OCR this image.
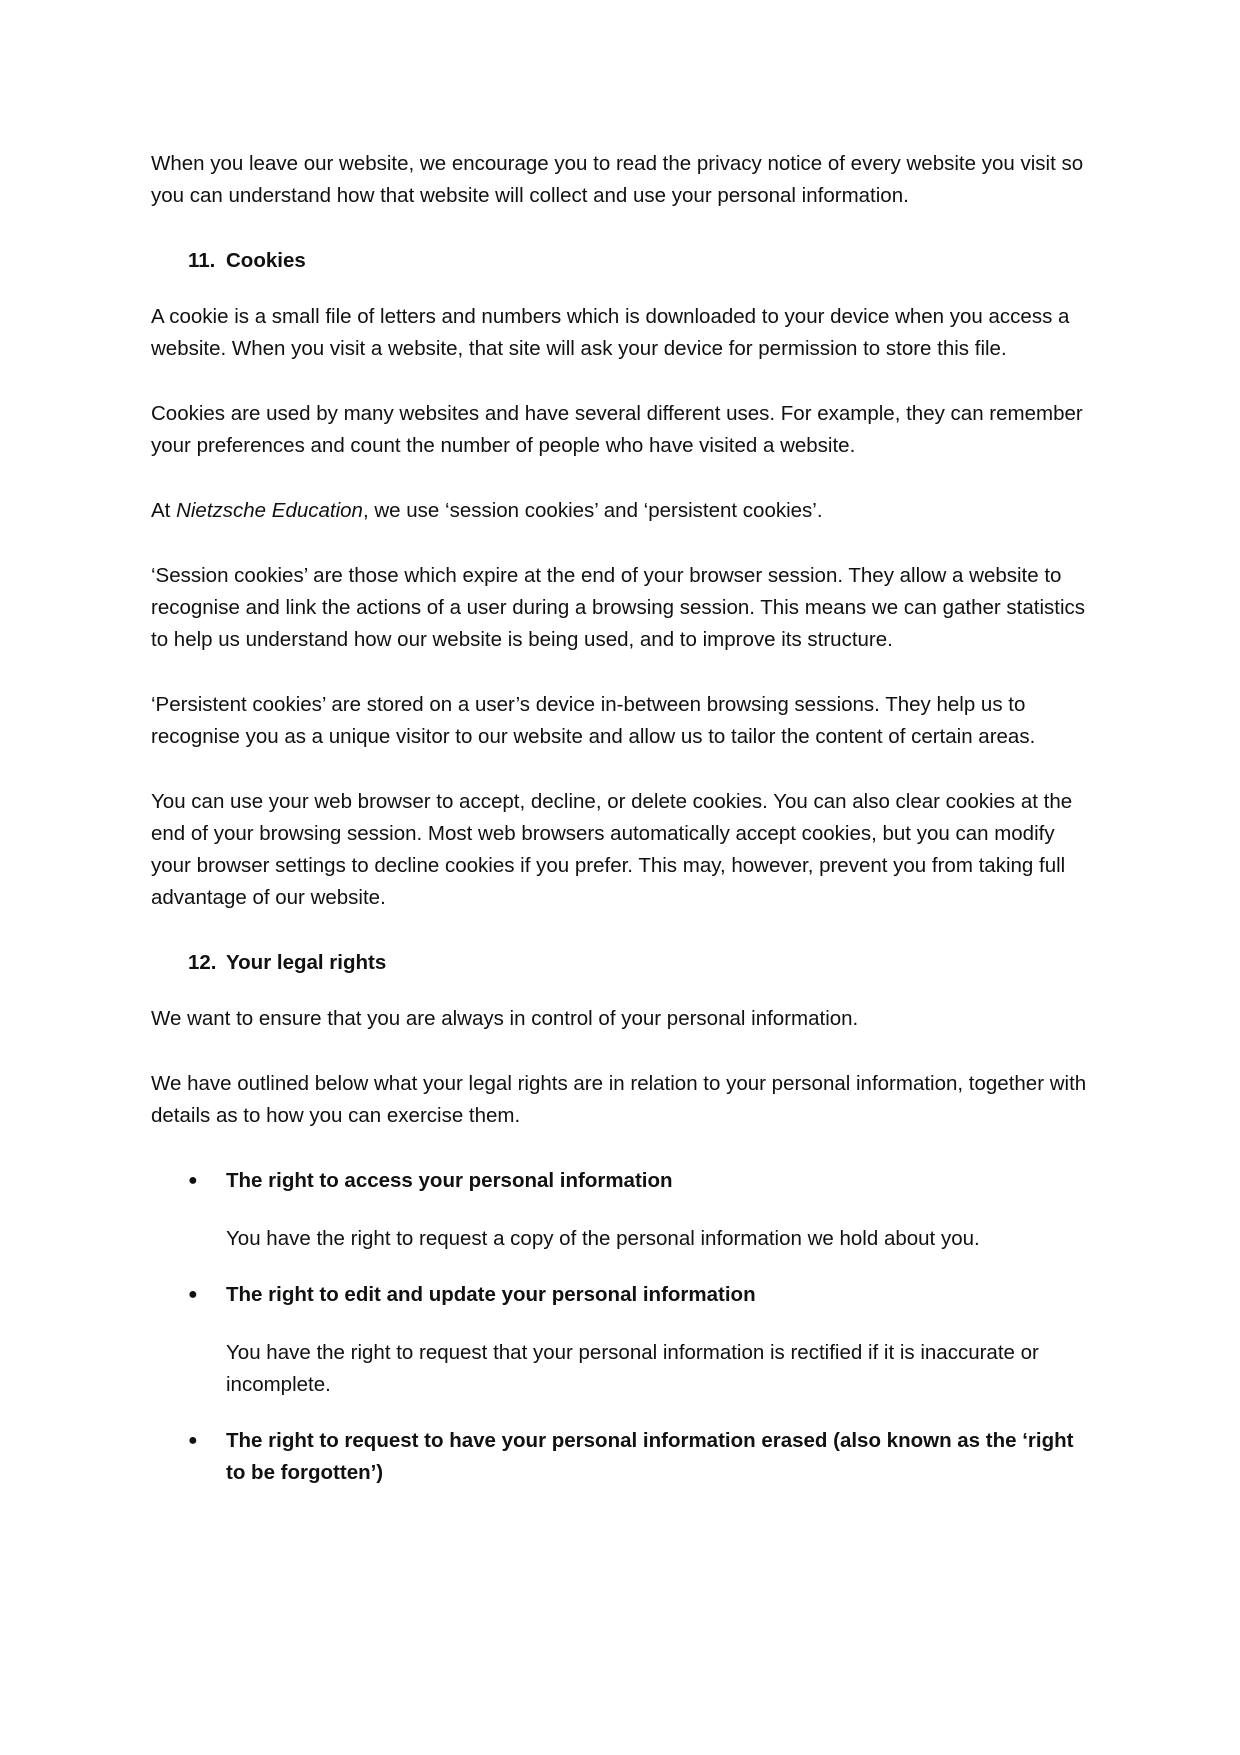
When you leave our website, we encourage you to read the privacy notice of every website you visit so you can understand how that website will collect and use your personal information.

11. Cookies

A cookie is a small file of letters and numbers which is downloaded to your device when you access a website. When you visit a website, that site will ask your device for permission to store this file.

Cookies are used by many websites and have several different uses. For example, they can remember your preferences and count the number of people who have visited a website.

At Nietzsche Education, we use ‘session cookies’ and ‘persistent cookies’.

‘Session cookies’ are those which expire at the end of your browser session. They allow a website to recognise and link the actions of a user during a browsing session. This means we can gather statistics to help us understand how our website is being used, and to improve its structure.

‘Persistent cookies’ are stored on a user’s device in-between browsing sessions. They help us to recognise you as a unique visitor to our website and allow us to tailor the content of certain areas.

You can use your web browser to accept, decline, or delete cookies. You can also clear cookies at the end of your browsing session. Most web browsers automatically accept cookies, but you can modify your browser settings to decline cookies if you prefer. This may, however, prevent you from taking full advantage of our website.

12. Your legal rights

We want to ensure that you are always in control of your personal information.

We have outlined below what your legal rights are in relation to your personal information, together with details as to how you can exercise them.

● The right to access your personal information
You have the right to request a copy of the personal information we hold about you.
● The right to edit and update your personal information
You have the right to request that your personal information is rectified if it is inaccurate or incomplete.
● The right to request to have your personal information erased (also known as the ‘right to be forgotten’)
